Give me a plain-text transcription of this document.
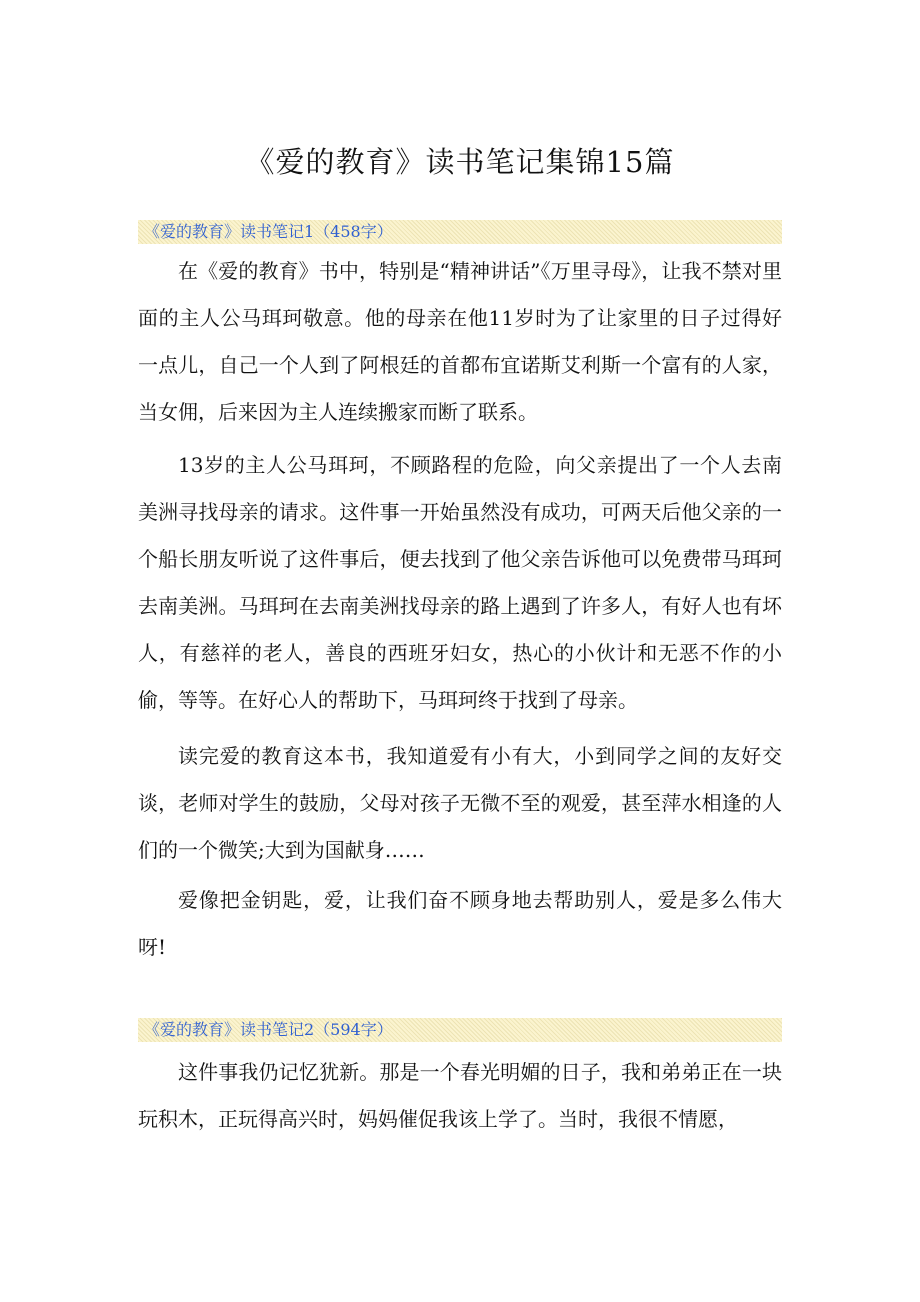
《爱的教育》读书笔记集锦15篇
《爱的教育》读书笔记1（458字）

在《爱的教育》书中，特别是“精神讲话”《万里寻母》，让我不禁对里面的主人公马珥珂敬意。他的母亲在他11岁时为了让家里的日子过得好一点儿，自己一个人到了阿根廷的首都布宜诺斯艾利斯一个富有的人家，当女佣，后来因为主人连续搬家而断了联系。

13岁的主人公马珥珂，不顾路程的危险，向父亲提出了一个人去南美洲寻找母亲的请求。这件事一开始虽然没有成功，可两天后他父亲的一个船长朋友听说了这件事后，便去找到了他父亲告诉他可以免费带马珥珂去南美洲。马珥珂在去南美洲找母亲的路上遇到了许多人，有好人也有坏人，有慈祥的老人，善良的西班牙妇女，热心的小伙计和无恶不作的小偷，等等。在好心人的帮助下，马珥珂终于找到了母亲。

读完爱的教育这本书，我知道爱有小有大，小到同学之间的友好交谈，老师对学生的鼓励，父母对孩子无微不至的观爱，甚至萍水相逢的人们的一个微笑;大到为国献身……

爱像把金钥匙，爱，让我们奋不顾身地去帮助别人，爱是多么伟大呀!

《爱的教育》读书笔记2（594字）

这件事我仍记忆犹新。那是一个春光明媚的日子，我和弟弟正在一块玩积木，正玩得高兴时，妈妈催促我该上学了。当时，我很不情愿，
